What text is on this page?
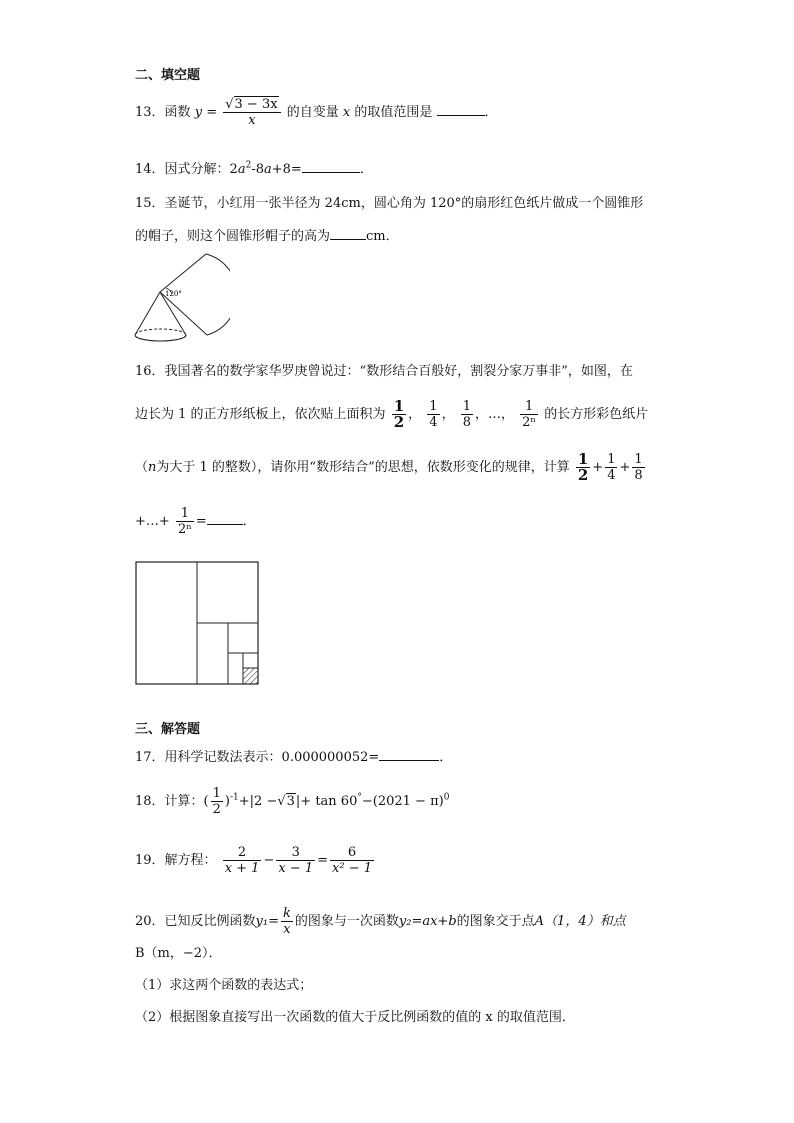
二、填空题
13．函数 $y = \frac{√3 - 3x}{x}$ 的自变量 x 的取值范围是	．
14．因式分解：$2a^2-8a+8=$	．
15．圣诞节，小红用一张半径为 24cm，圆心角为 120°的扇形红色纸片做成一个圆锥形
的帽子，则这个圆锥形帽子的高为	cm．
120°
16．我国著名的数学家华罗庚曾说过：“数形结合百般好，割裂分家万事非”，如图，在
边长为 1 的正方形纸板上，依次贴上面积为 $\frac{1}{2}$ ， $\frac{1}{4}$ ， $\frac{1}{8}$ ，…， $\frac{1}{\text{2ⁿ}}$ 的长方形彩色纸片
（n为大于 1 的整数），请你用“数形结合”的思想，依数形变化的规律，计算 $\frac{1}{2} + \frac{1}{4} + \frac{1}{8}$
+…+ $\frac{1}{\text{2ⁿ}}$ =	．
三、解答题
17．用科学记数法表示：0.000000052=	．
18．计算：( $\frac{1}{2} )^{-1}+|2 -√3|+ \tan 60^\circ-(2021 - \pi)^0$
19．解方程： $\frac{2}{x + 1} - \frac{3}{x - 1} = \frac{6}{\text{x² − 1}}$
20．已知反比例函数$y_1= \frac{k}{x}$ 的图象与一次函数y₂=ax+b的图象交于点A（1，4）和点
B（m，−2）．
（1）求这两个函数的表达式；
（2）根据图象直接写出一次函数的值大于反比例函数的值的 x 的取值范围．
